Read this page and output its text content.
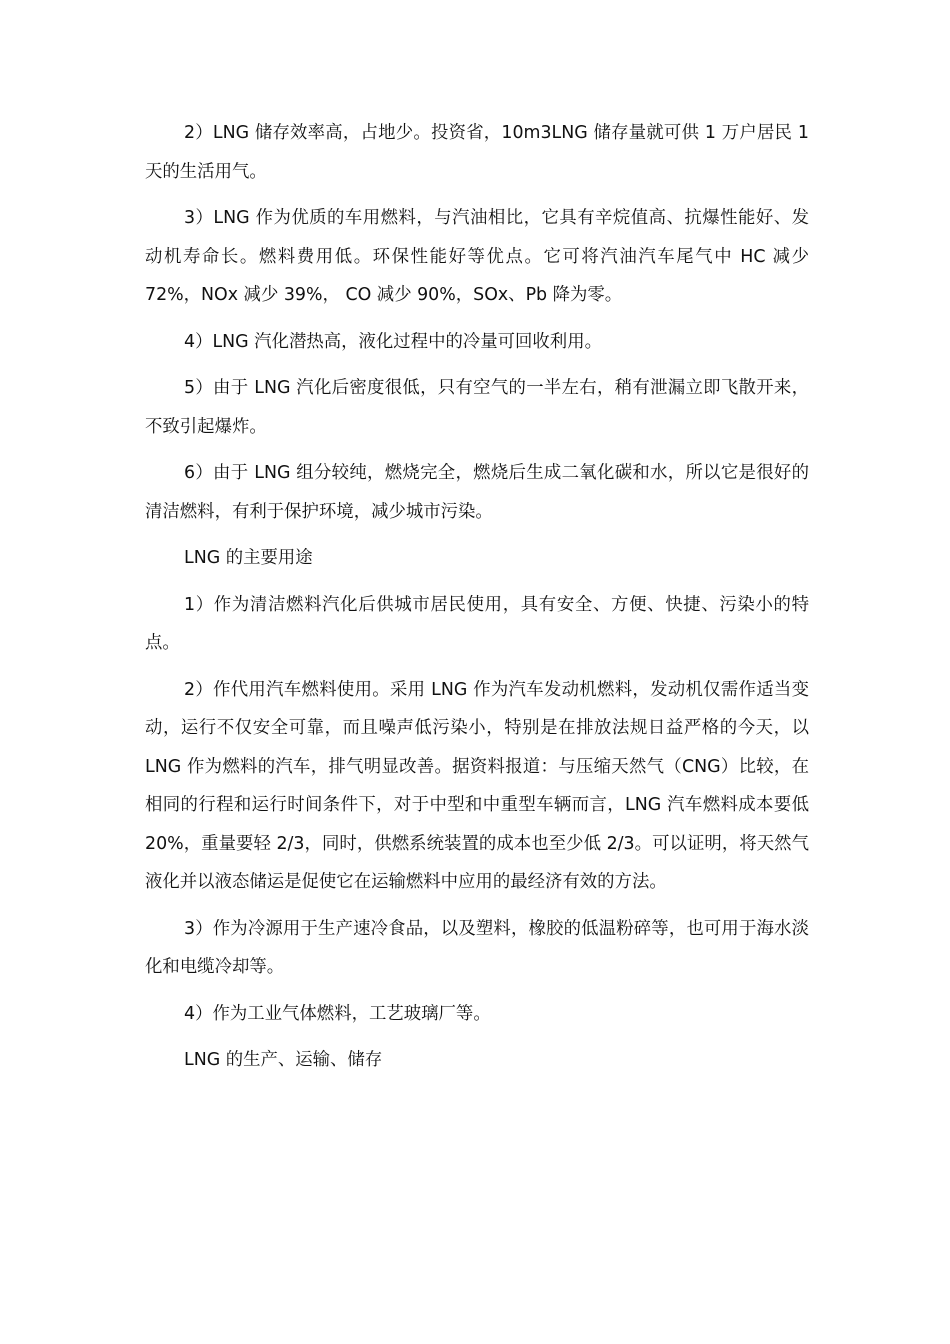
2）LNG 储存效率高，占地少。投资省，10m3LNG 储存量就可供 1 万户居民 1 天的生活用气。

3）LNG 作为优质的车用燃料，与汽油相比，它具有辛烷值高、抗爆性能好、发动机寿命长。燃料费用低。环保性能好等优点。它可将汽油汽车尾气中 HC 减少 72%，NOx 减少 39%， CO 减少 90%，SOx、Pb 降为零。

4）LNG 汽化潜热高，液化过程中的冷量可回收利用。

5）由于 LNG 汽化后密度很低，只有空气的一半左右，稍有泄漏立即飞散开来，不致引起爆炸。

6）由于 LNG 组分较纯，燃烧完全，燃烧后生成二氧化碳和水，所以它是很好的清洁燃料，有利于保护环境，减少城市污染。

LNG 的主要用途

1）作为清洁燃料汽化后供城市居民使用，具有安全、方便、快捷、污染小的特点。

2）作代用汽车燃料使用。采用 LNG 作为汽车发动机燃料，发动机仅需作适当变动，运行不仅安全可靠，而且噪声低污染小，特别是在排放法规日益严格的今天，以 LNG 作为燃料的汽车，排气明显改善。据资料报道：与压缩天然气（CNG）比较，在相同的行程和运行时间条件下，对于中型和中重型车辆而言，LNG 汽车燃料成本要低 20%，重量要轻 2/3，同时，供燃系统装置的成本也至少低 2/3。可以证明，将天然气液化并以液态储运是促使它在运输燃料中应用的最经济有效的方法。

3）作为冷源用于生产速冷食品，以及塑料，橡胶的低温粉碎等，也可用于海水淡化和电缆冷却等。

4）作为工业气体燃料，工艺玻璃厂等。

LNG 的生产、运输、储存
